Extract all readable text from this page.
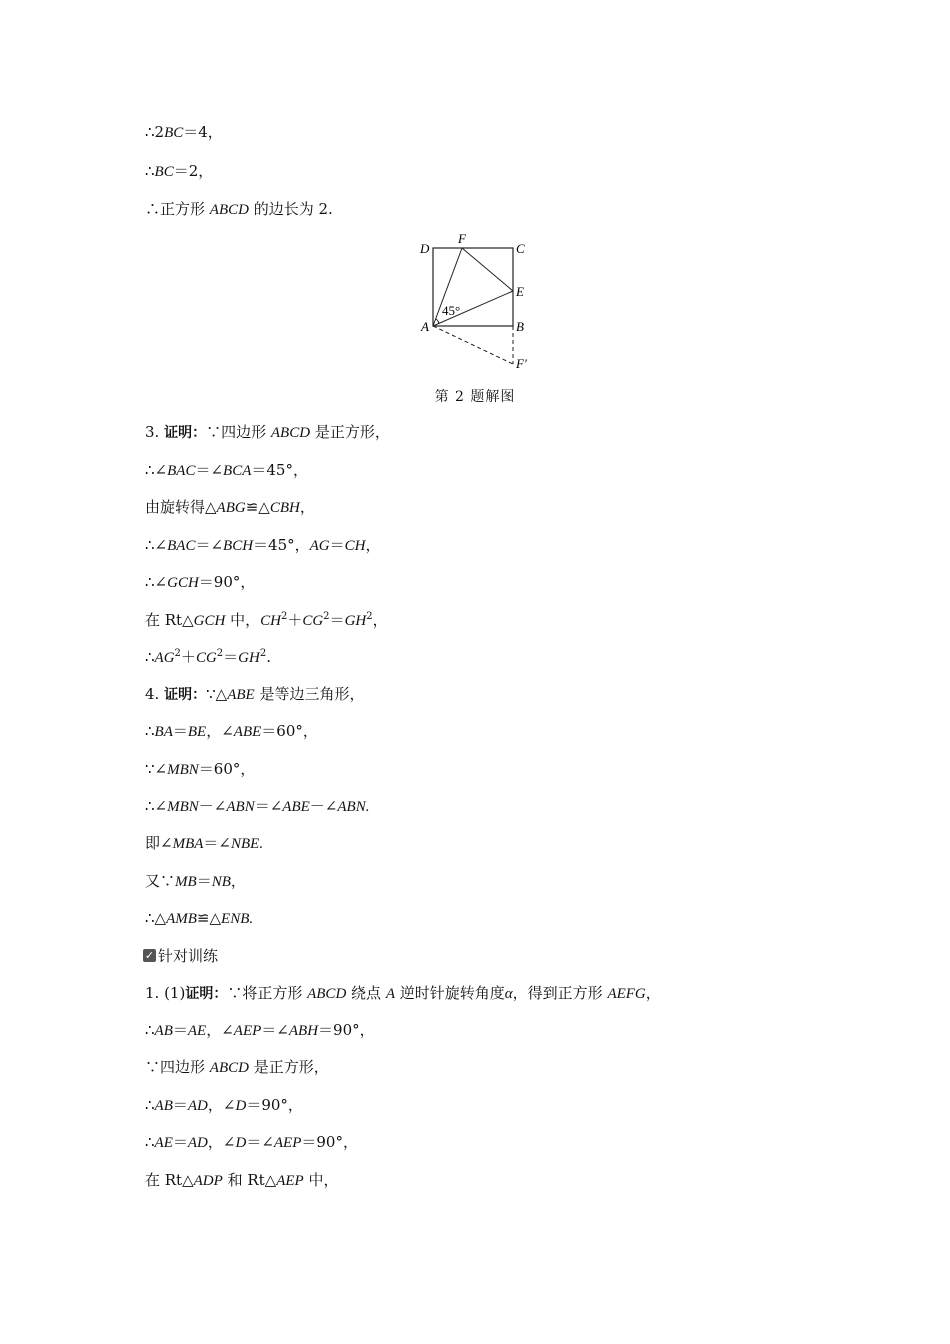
∴2BC＝4，
∴BC＝2，
∴正方形 ABCD 的边长为 2.
3. 证明：∵四边形 ABCD 是正方形，
∴∠BAC＝∠BCA＝45°，
由旋转得△ABG≌△CBH，
∴∠BAC＝∠BCH＝45°，AG＝CH，
∴∠GCH＝90°，
在 Rt△GCH 中，$CH^2+CG^2=GH^2$，
$\therefore AG^2+CG^2=GH^2$.
4. 证明：∵△ABE 是等边三角形，
∴BA＝BE，∠ABE＝60°，
∵∠MBN＝60°，
∴∠MBN－∠ABN＝∠ABE－∠ABN.
即∠MBA＝∠NBE.
又∵MB＝NB，
∴△AMB≌△ENB.
1. (1)证明：∵将正方形 ABCD 绕点 A 逆时针旋转角度α，得到正方形 AEFG，
∴AB＝AE，∠AEP＝∠ABH＝90°，
∵四边形 ABCD 是正方形，
∴AB＝AD，∠D＝90°，
∴AE＝AD，∠D＝∠AEP＝90°，
在 Rt△ADP 和 Rt△AEP 中，
D
F
C
E
A	B
F′
45°
第 2 题解图
✓ 针对训练
